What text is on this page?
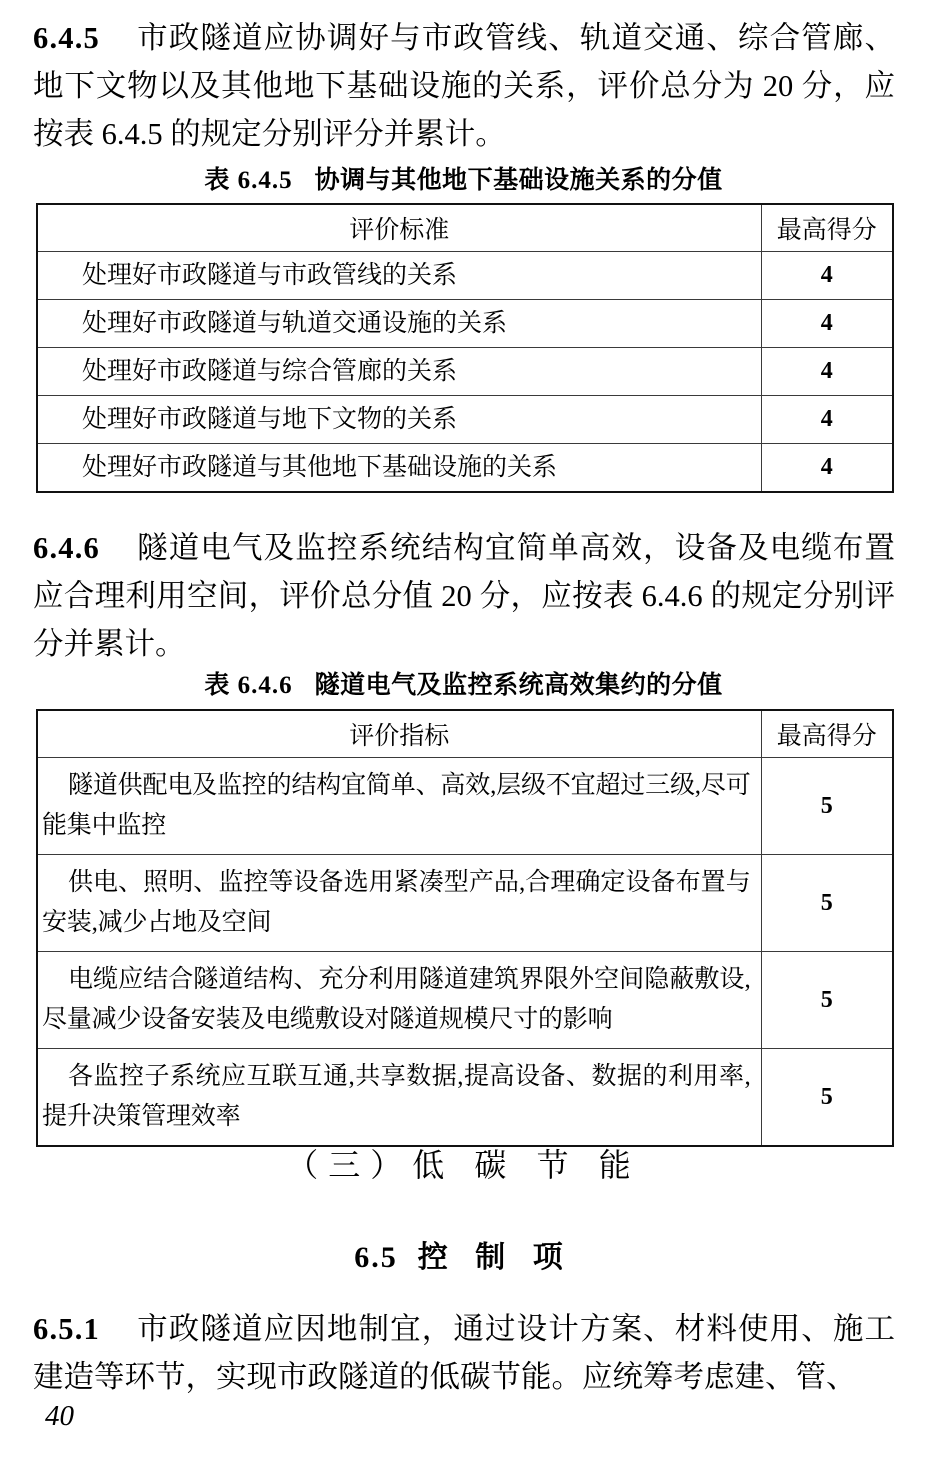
6.4.5 市政隧道应协调好与市政管线、轨道交通、综合管廊、地下文物以及其他地下基础设施的关系，评价总分为 20 分，应按表 6.4.5 的规定分别评分并累计。
表 6.4.5 协调与其他地下基础设施关系的分值
评价标准	最高得分
处理好市政隧道与市政管线的关系	4
处理好市政隧道与轨道交通设施的关系	4
处理好市政隧道与综合管廊的关系	4
处理好市政隧道与地下文物的关系	4
处理好市政隧道与其他地下基础设施的关系	4
6.4.6 隧道电气及监控系统结构宜简单高效，设备及电缆布置应合理利用空间，评价总分值 20 分，应按表 6.4.6 的规定分别评分并累计。
表 6.4.6 隧道电气及监控系统高效集约的分值
评价指标	最高得分
隧道供配电及监控的结构宜简单、高效,层级不宜超过三级,尽可能集中监控	5
供电、照明、监控等设备选用紧凑型产品,合理确定设备布置与安装,减少占地及空间	5
电缆应结合隧道结构、充分利用隧道建筑界限外空间隐蔽敷设,尽量减少设备安装及电缆敷设对隧道规模尺寸的影响	5
各监控子系统应互联互通,共享数据,提高设备、数据的利用率,提升决策管理效率	5
（三）低 碳 节 能
6.5 控 制 项
6.5.1 市政隧道应因地制宜，通过设计方案、材料使用、施工建造等环节，实现市政隧道的低碳节能。应统筹考虑建、管、
40
